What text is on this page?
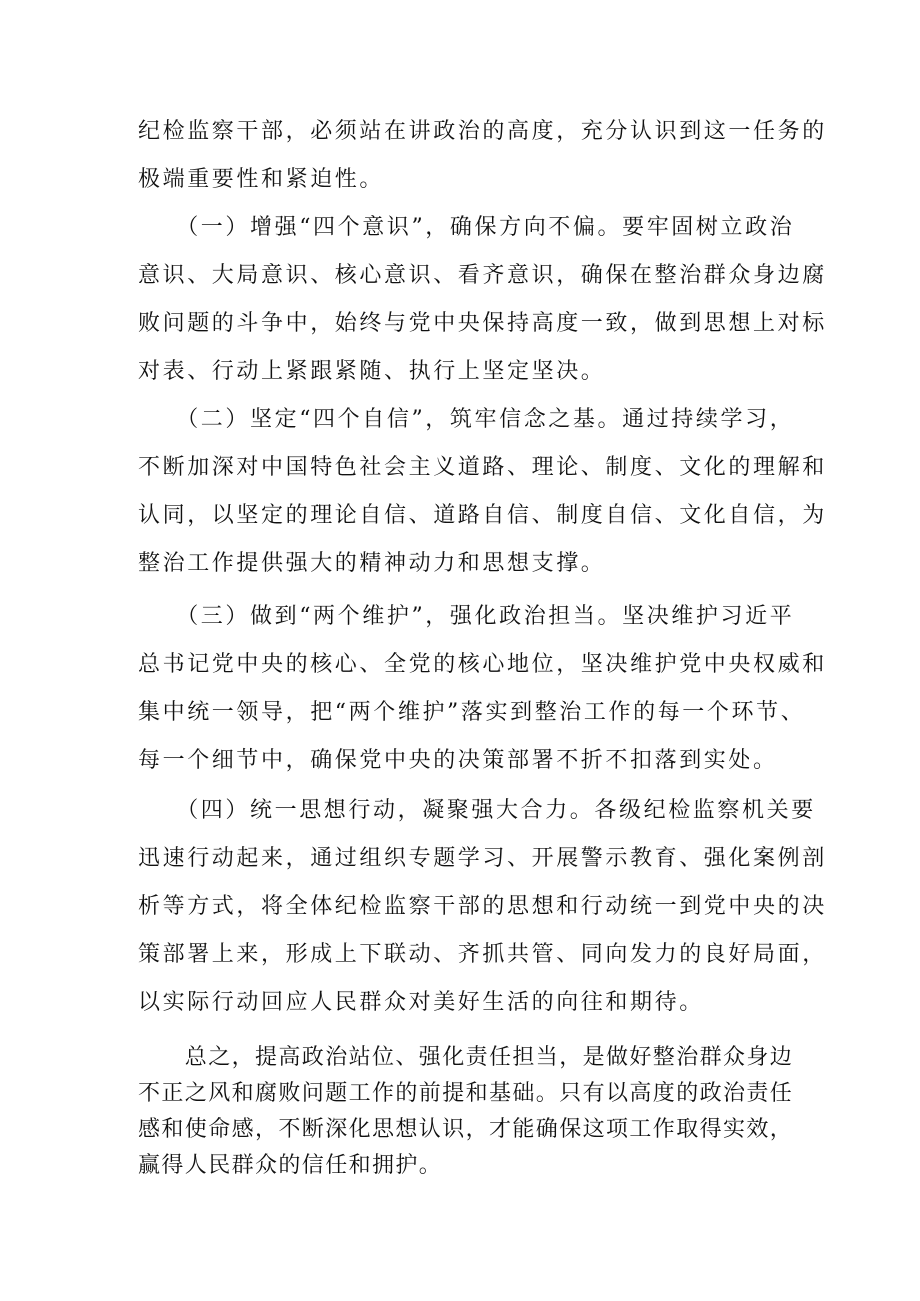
纪检监察干部，必须站在讲政治的高度，充分认识到这一任务的
极端重要性和紧迫性。
　　（一）增强“四个意识”，确保方向不偏。要牢固树立政治
意识、大局意识、核心意识、看齐意识，确保在整治群众身边腐
败问题的斗争中，始终与党中央保持高度一致，做到思想上对标
对表、行动上紧跟紧随、执行上坚定坚决。
　　（二）坚定“四个自信”，筑牢信念之基。通过持续学习，
不断加深对中国特色社会主义道路、理论、制度、文化的理解和
认同，以坚定的理论自信、道路自信、制度自信、文化自信，为
整治工作提供强大的精神动力和思想支撑。
　　（三）做到“两个维护”，强化政治担当。坚决维护习近平
总书记党中央的核心、全党的核心地位，坚决维护党中央权威和
集中统一领导，把“两个维护”落实到整治工作的每一个环节、
每一个细节中，确保党中央的决策部署不折不扣落到实处。
　　（四）统一思想行动，凝聚强大合力。各级纪检监察机关要
迅速行动起来，通过组织专题学习、开展警示教育、强化案例剖
析等方式，将全体纪检监察干部的思想和行动统一到党中央的决
策部署上来，形成上下联动、齐抓共管、同向发力的良好局面，
以实际行动回应人民群众对美好生活的向往和期待。
　　总之，提高政治站位、强化责任担当，是做好整治群众身边
不正之风和腐败问题工作的前提和基础。只有以高度的政治责任
感和使命感，不断深化思想认识，才能确保这项工作取得实效，
赢得人民群众的信任和拥护。
